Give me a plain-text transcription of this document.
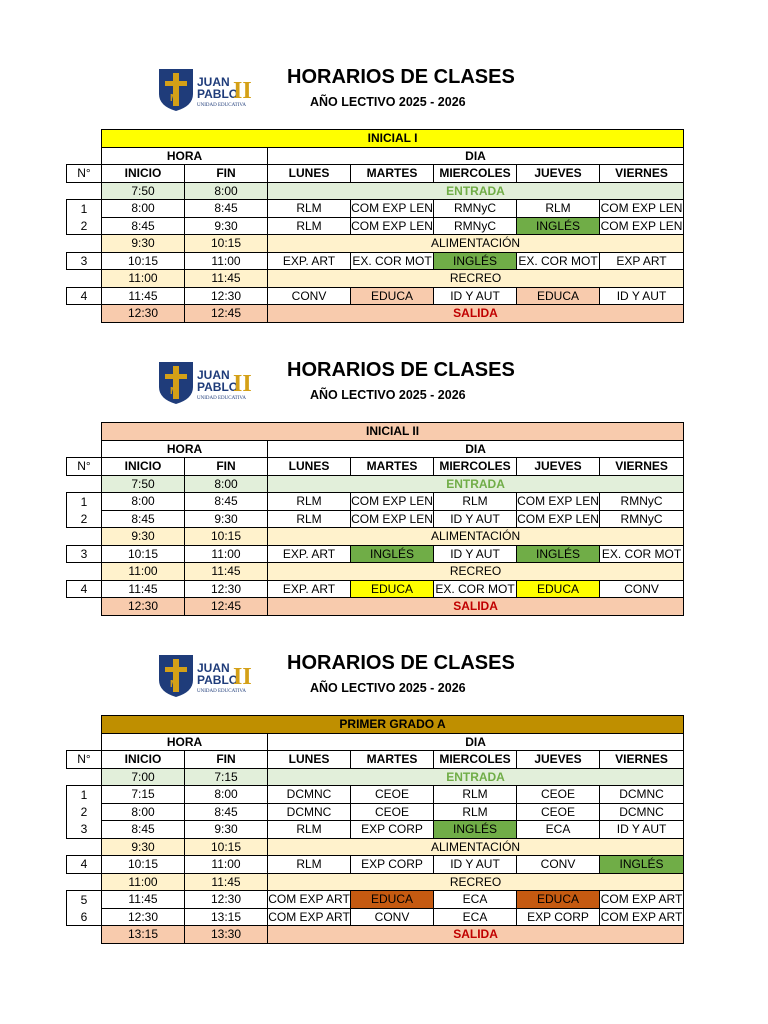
M
JUAN
PABLO
II
UNIDAD EDUCATIVA
HORARIOS DE CLASES
AÑO LECTIVO 2025 - 2026
	INICIAL I						
	HORA		DIA				
N°	INICIO	FIN	LUNES	MARTES	MIERCOLES	JUEVES	VIERNES
	7:50	8:00	ENTRADA				
1	8:00	8:45	RLM	COM EXP LEN	RMNyC	RLM	COM EXP LEN
2	8:45	9:30	RLM	COM EXP LEN	RMNyC	INGLÉS	COM EXP LEN
	9:30	10:15	ALIMENTACIÓN				
3	10:15	11:00	EXP. ART	EX. COR MOT	INGLÉS	EX. COR MOT	EXP ART
	11:00	11:45	RECREO				
4	11:45	12:30	CONV	EDUCA	ID Y AUT	EDUCA	ID Y AUT
	12:30	12:45	SALIDA				
M
JUAN
PABLO
II
UNIDAD EDUCATIVA
HORARIOS DE CLASES
AÑO LECTIVO 2025 - 2026
	INICIAL II						
	HORA		DIA				
N°	INICIO	FIN	LUNES	MARTES	MIERCOLES	JUEVES	VIERNES
	7:50	8:00	ENTRADA				
1	8:00	8:45	RLM	COM EXP LEN	RLM	COM EXP LEN	RMNyC
2	8:45	9:30	RLM	COM EXP LEN	ID Y AUT	COM EXP LEN	RMNyC
	9:30	10:15	ALIMENTACIÓN				
3	10:15	11:00	EXP. ART	INGLÉS	ID Y AUT	INGLÉS	EX. COR MOT
	11:00	11:45	RECREO				
4	11:45	12:30	EXP. ART	EDUCA	EX. COR MOT	EDUCA	CONV
	12:30	12:45	SALIDA				
M
JUAN
PABLO
II
UNIDAD EDUCATIVA
HORARIOS DE CLASES
AÑO LECTIVO 2025 - 2026
	PRIMER GRADO A						
	HORA		DIA				
N°	INICIO	FIN	LUNES	MARTES	MIERCOLES	JUEVES	VIERNES
	7:00	7:15	ENTRADA				
1	7:15	8:00	DCMNC	CEOE	RLM	CEOE	DCMNC
2	8:00	8:45	DCMNC	CEOE	RLM	CEOE	DCMNC
3	8:45	9:30	RLM	EXP CORP	INGLÉS	ECA	ID Y AUT
	9:30	10:15	ALIMENTACIÓN				
4	10:15	11:00	RLM	EXP CORP	ID Y AUT	CONV	INGLÉS
	11:00	11:45	RECREO				
5	11:45	12:30	COM EXP ART	EDUCA	ECA	EDUCA	COM EXP ART
6	12:30	13:15	COM EXP ART	CONV	ECA	EXP CORP	COM EXP ART
	13:15	13:30	SALIDA				
